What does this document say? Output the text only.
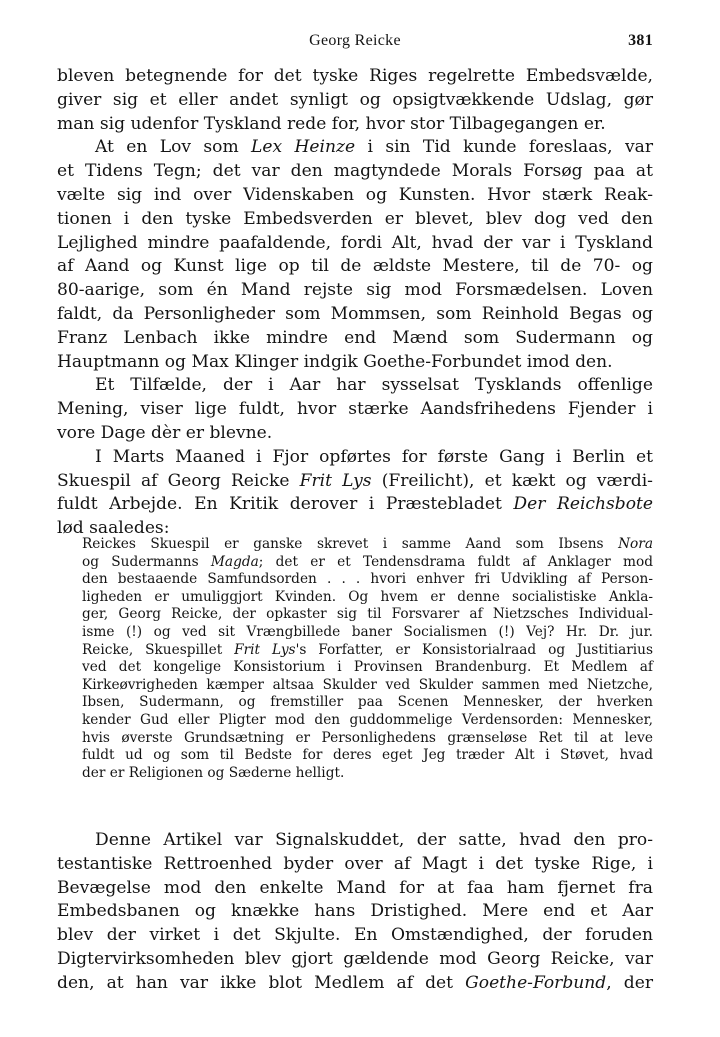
Georg Reicke	381
bleven betegnende for det tyske Riges regelrette Embedsvælde,
giver sig et eller andet synligt og opsigtvækkende Udslag, gør
man sig udenfor Tyskland rede for, hvor stor Tilbagegangen er.
At en Lov som Lex Heinze i sin Tid kunde foreslaas, var
et Tidens Tegn; det var den magtyndede Morals Forsøg paa at
vælte sig ind over Videnskaben og Kunsten. Hvor stærk Reak-
tionen i den tyske Embedsverden er blevet, blev dog ved den
Lejlighed mindre paafaldende, fordi Alt, hvad der var i Tyskland
af Aand og Kunst lige op til de ældste Mestere, til de 70- og
80-aarige, som én Mand rejste sig mod Forsmædelsen. Loven
faldt, da Personligheder som Mommsen, som Reinhold Begas og
Franz Lenbach ikke mindre end Mænd som Sudermann og
Hauptmann og Max Klinger indgik Goethe-Forbundet imod den.
Et Tilfælde, der i Aar har sysselsat Tysklands offenlige
Mening, viser lige fuldt, hvor stærke Aandsfrihedens Fjender i
vore Dage dèr er blevne.
I Marts Maaned i Fjor opførtes for første Gang i Berlin et
Skuespil af Georg Reicke Frit Lys (Freilicht), et kækt og værdi-
fuldt Arbejde. En Kritik derover i Præstebladet Der Reichsbote
lød saaledes:
Reickes Skuespil er ganske skrevet i samme Aand som Ibsens Nora
og Sudermanns Magda; det er et Tendensdrama fuldt af Anklager mod
den bestaaende Samfundsorden . . . hvori enhver fri Udvikling af Person-
ligheden er umuliggjort Kvinden. Og hvem er denne socialistiske Ankla-
ger, Georg Reicke, der opkaster sig til Forsvarer af Nietzsches Individual-
isme (!) og ved sit Vrængbillede baner Socialismen (!) Vej? Hr. Dr. jur.
Reicke, Skuespillet Frit Lys's Forfatter, er Konsistorialraad og Justitiarius
ved det kongelige Konsistorium i Provinsen Brandenburg. Et Medlem af
Kirkeøvrigheden kæmper altsaa Skulder ved Skulder sammen med Nietzche,
Ibsen, Sudermann, og fremstiller paa Scenen Mennesker, der hverken
kender Gud eller Pligter mod den guddommelige Verdensorden: Mennesker,
hvis øverste Grundsætning er Personlighedens grænseløse Ret til at leve
fuldt ud og som til Bedste for deres eget Jeg træder Alt i Støvet, hvad
der er Religionen og Sæderne helligt.
Denne Artikel var Signalskuddet, der satte, hvad den pro-
testantiske Rettroenhed byder over af Magt i det tyske Rige, i
Bevægelse mod den enkelte Mand for at faa ham fjernet fra
Embedsbanen og knække hans Dristighed. Mere end et Aar
blev der virket i det Skjulte. En Omstændighed, der foruden
Digtervirksomheden blev gjort gældende mod Georg Reicke, var
den, at han var ikke blot Medlem af det Goethe-Forbund, der
